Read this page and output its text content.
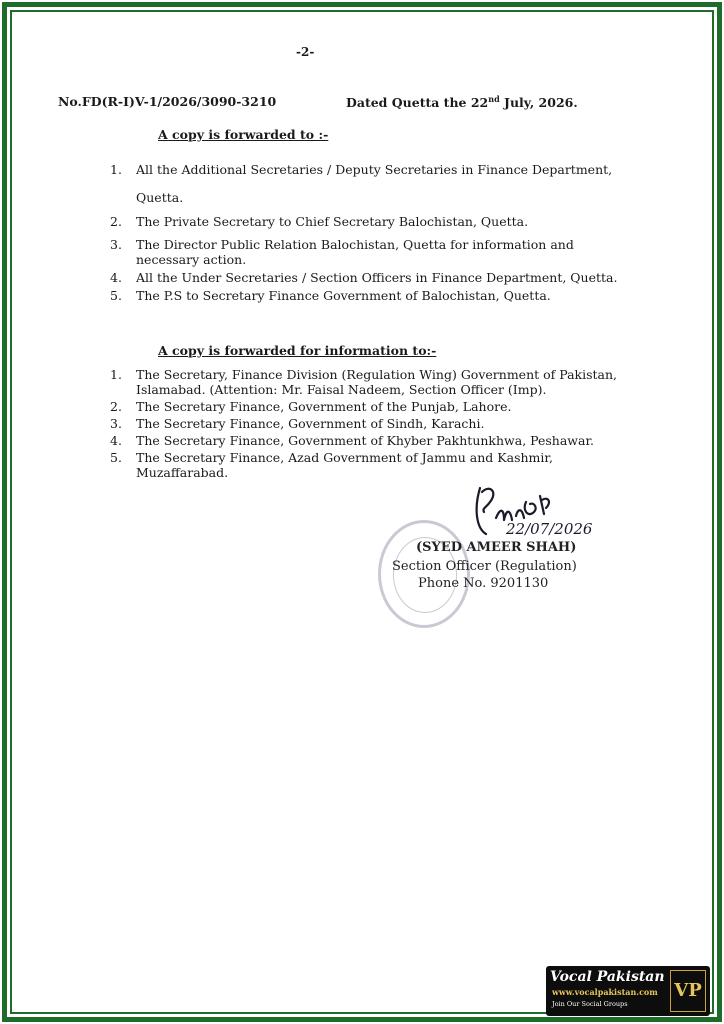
-2-
No.FD(R-I)V-1/2026/3090-3210	Dated Quetta the 22nd July, 2026.
A copy is forwarded to :-
1. All the Additional Secretaries / Deputy Secretaries in Finance Department, Quetta.
2. The Private Secretary to Chief Secretary Balochistan, Quetta.
3. The Director Public Relation Balochistan, Quetta for information and necessary action.
4. All the Under Secretaries / Section Officers in Finance Department, Quetta.
5. The P.S to Secretary Finance Government of Balochistan, Quetta.
A copy is forwarded for information to:-
1. The Secretary, Finance Division (Regulation Wing) Government of Pakistan, Islamabad. (Attention: Mr. Faisal Nadeem, Section Officer (Imp).
2. The Secretary Finance, Government of the Punjab, Lahore.
3. The Secretary Finance, Government of Sindh, Karachi.
4. The Secretary Finance, Government of Khyber Pakhtunkhwa, Peshawar.
5. The Secretary Finance, Azad Government of Jammu and Kashmir, Muzaffarabad.
22/07/2026
(SYED AMEER SHAH)
Section Officer (Regulation)
Phone No. 9201130
Vocal Pakistan
www.vocalpakistan.com
Join Our Social Groups
VP
